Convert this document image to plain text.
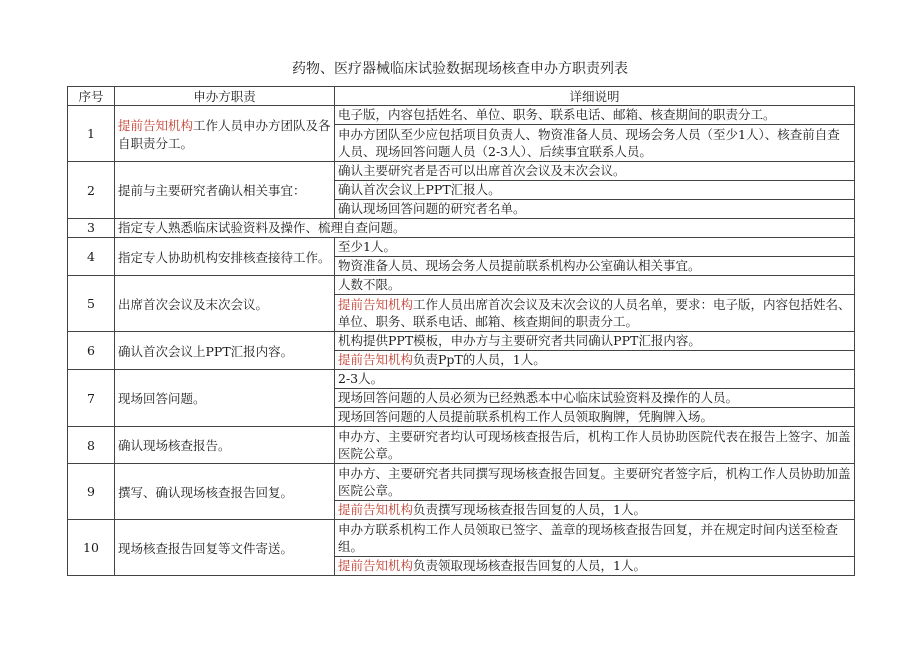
药物、医疗器械临床试验数据现场核查申办方职责列表
序号	申办方职责	详细说明
1	提前告知机构工作人员申办方团队及各自职责分工。	电子版，内容包括姓名、单位、职务、联系电话、邮箱、核查期间的职责分工。
		申办方团队至少应包括项目负责人、物资准备人员、现场会务人员（至少1人）、核查前自查人员、现场回答问题人员（2-3人）、后续事宜联系人员。
2	提前与主要研究者确认相关事宜：	确认主要研究者是否可以出席首次会议及末次会议。
		确认首次会议上PPT汇报人。
		确认现场回答问题的研究者名单。
3	指定专人熟悉临床试验资料及操作、梳理自查问题。	
4	指定专人协助机构安排核查接待工作。	至少1人。
		物资准备人员、现场会务人员提前联系机构办公室确认相关事宜。
5	出席首次会议及末次会议。	人数不限。
		提前告知机构工作人员出席首次会议及末次会议的人员名单，要求：电子版，内容包括姓名、单位、职务、联系电话、邮箱、核查期间的职责分工。
6	确认首次会议上PPT汇报内容。	机构提供PPT模板，申办方与主要研究者共同确认PPT汇报内容。
		提前告知机构负责PpT的人员，1人。
7	现场回答问题。	2-3人。
		现场回答问题的人员必须为已经熟悉本中心临床试验资料及操作的人员。
		现场回答问题的人员提前联系机构工作人员领取胸牌，凭胸牌入场。
8	确认现场核查报告。	申办方、主要研究者均认可现场核查报告后，机构工作人员协助医院代表在报告上签字、加盖医院公章。
9	撰写、确认现场核查报告回复。	申办方、主要研究者共同撰写现场核查报告回复。主要研究者签字后，机构工作人员协助加盖医院公章。
		提前告知机构负责撰写现场核查报告回复的人员，1人。
10	现场核查报告回复等文件寄送。	申办方联系机构工作人员领取已签字、盖章的现场核查报告回复，并在规定时间内送至检查组。
		提前告知机构负责领取现场核查报告回复的人员，1人。
